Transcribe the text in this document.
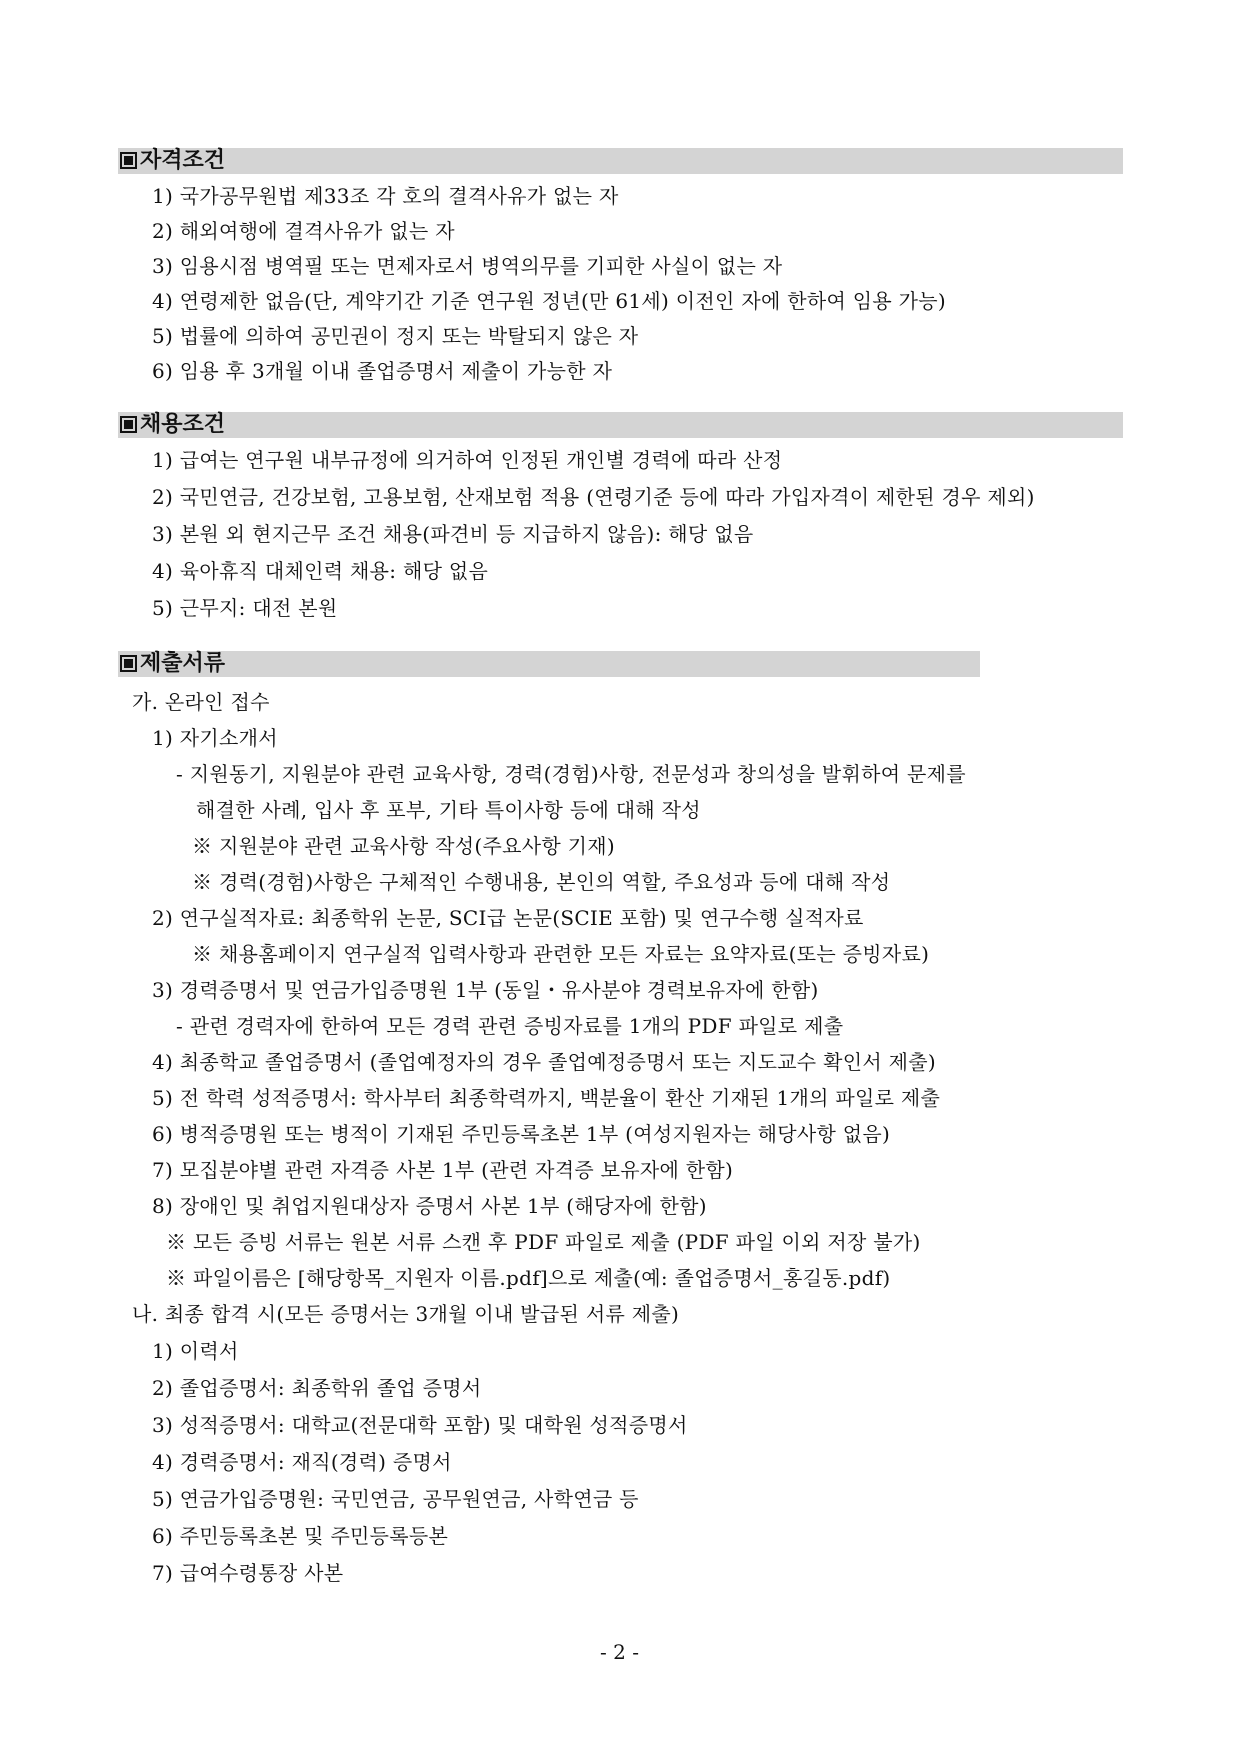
자격조건
1) 국가공무원법 제33조 각 호의 결격사유가 없는 자
2) 해외여행에 결격사유가 없는 자
3) 임용시점 병역필 또는 면제자로서 병역의무를 기피한 사실이 없는 자
4) 연령제한 없음(단, 계약기간 기준 연구원 정년(만 61세) 이전인 자에 한하여 임용 가능)
5) 법률에 의하여 공민권이 정지 또는 박탈되지 않은 자
6) 임용 후 3개월 이내 졸업증명서 제출이 가능한 자
채용조건
1) 급여는 연구원 내부규정에 의거하여 인정된 개인별 경력에 따라 산정
2) 국민연금, 건강보험, 고용보험, 산재보험 적용 (연령기준 등에 따라 가입자격이 제한된 경우 제외)
3) 본원 외 현지근무 조건 채용(파견비 등 지급하지 않음): 해당 없음
4) 육아휴직 대체인력 채용: 해당 없음
5) 근무지: 대전 본원
제출서류
가. 온라인 접수
1) 자기소개서
- 지원동기, 지원분야 관련 교육사항, 경력(경험)사항, 전문성과 창의성을 발휘하여 문제를
해결한 사례, 입사 후 포부, 기타 특이사항 등에 대해 작성
※ 지원분야 관련 교육사항 작성(주요사항 기재)
※ 경력(경험)사항은 구체적인 수행내용, 본인의 역할, 주요성과 등에 대해 작성
2) 연구실적자료: 최종학위 논문, SCI급 논문(SCIE 포함) 및 연구수행 실적자료
※ 채용홈페이지 연구실적 입력사항과 관련한 모든 자료는 요약자료(또는 증빙자료)
3) 경력증명서 및 연금가입증명원 1부 (동일・유사분야 경력보유자에 한함)
- 관련 경력자에 한하여 모든 경력 관련 증빙자료를 1개의 PDF 파일로 제출
4) 최종학교 졸업증명서 (졸업예정자의 경우 졸업예정증명서 또는 지도교수 확인서 제출)
5) 전 학력 성적증명서: 학사부터 최종학력까지, 백분율이 환산 기재된 1개의 파일로 제출
6) 병적증명원 또는 병적이 기재된 주민등록초본 1부 (여성지원자는 해당사항 없음)
7) 모집분야별 관련 자격증 사본 1부 (관련 자격증 보유자에 한함)
8) 장애인 및 취업지원대상자 증명서 사본 1부 (해당자에 한함)
※ 모든 증빙 서류는 원본 서류 스캔 후 PDF 파일로 제출 (PDF 파일 이외 저장 불가)
※ 파일이름은 [해당항목_지원자 이름.pdf]으로 제출(예: 졸업증명서_홍길동.pdf)
나. 최종 합격 시(모든 증명서는 3개월 이내 발급된 서류 제출)
1) 이력서
2) 졸업증명서: 최종학위 졸업 증명서
3) 성적증명서: 대학교(전문대학 포함) 및 대학원 성적증명서
4) 경력증명서: 재직(경력) 증명서
5) 연금가입증명원: 국민연금, 공무원연금, 사학연금 등
6) 주민등록초본 및 주민등록등본
7) 급여수령통장 사본
- 2 -
